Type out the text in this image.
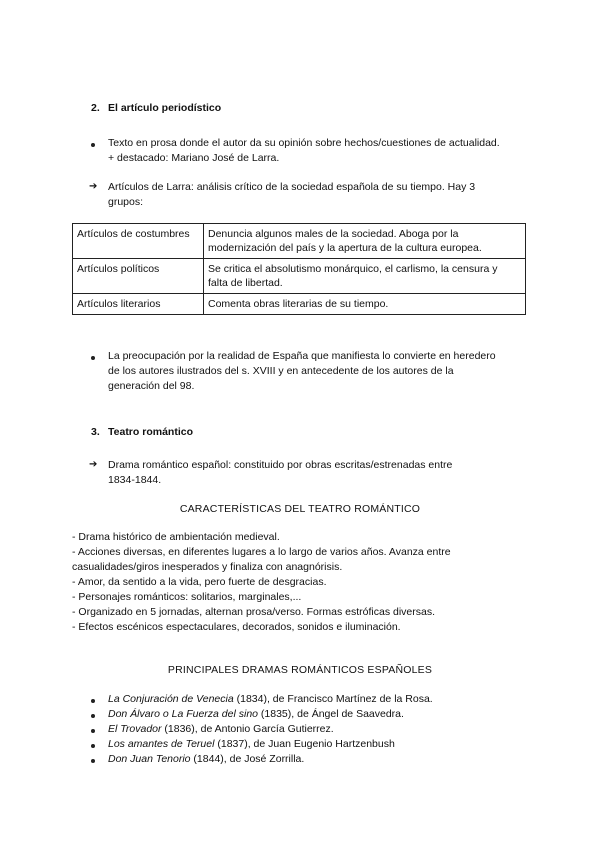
2. El artículo periodístico
Texto en prosa donde el autor da su opinión sobre hechos/cuestiones de actualidad.
+ destacado: Mariano José de Larra.
➔ Artículos de Larra: análisis crítico de la sociedad española de su tiempo. Hay 3
grupos:
Artículos de costumbres	Denuncia algunos males de la sociedad. Aboga por la
modernización del país y la apertura de la cultura europea.
Artículos políticos	Se critica el absolutismo monárquico, el carlismo, la censura y
falta de libertad.
Artículos literarios	Comenta obras literarias de su tiempo.
La preocupación por la realidad de España que manifiesta lo convierte en heredero
de los autores ilustrados del s. XVIII y en antecedente de los autores de la
generación del 98.
3. Teatro romántico
➔ Drama romántico español: constituido por obras escritas/estrenadas entre
1834-1844.
CARACTERÍSTICAS DEL TEATRO ROMÁNTICO
- Drama histórico de ambientación medieval.
- Acciones diversas, en diferentes lugares a lo largo de varios años. Avanza entre
casualidades/giros inesperados y finaliza con anagnórisis.
- Amor, da sentido a la vida, pero fuerte de desgracias.
- Personajes románticos: solitarios, marginales,...
- Organizado en 5 jornadas, alternan prosa/verso. Formas estróficas diversas.
- Efectos escénicos espectaculares, decorados, sonidos e iluminación.
PRINCIPALES DRAMAS ROMÁNTICOS ESPAÑOLES
La Conjuración de Venecia (1834), de Francisco Martínez de la Rosa.
Don Álvaro o La Fuerza del sino (1835), de Ángel de Saavedra.
El Trovador (1836), de Antonio García Gutierrez.
Los amantes de Teruel (1837), de Juan Eugenio Hartzenbush
Don Juan Tenorio (1844), de José Zorrilla.
